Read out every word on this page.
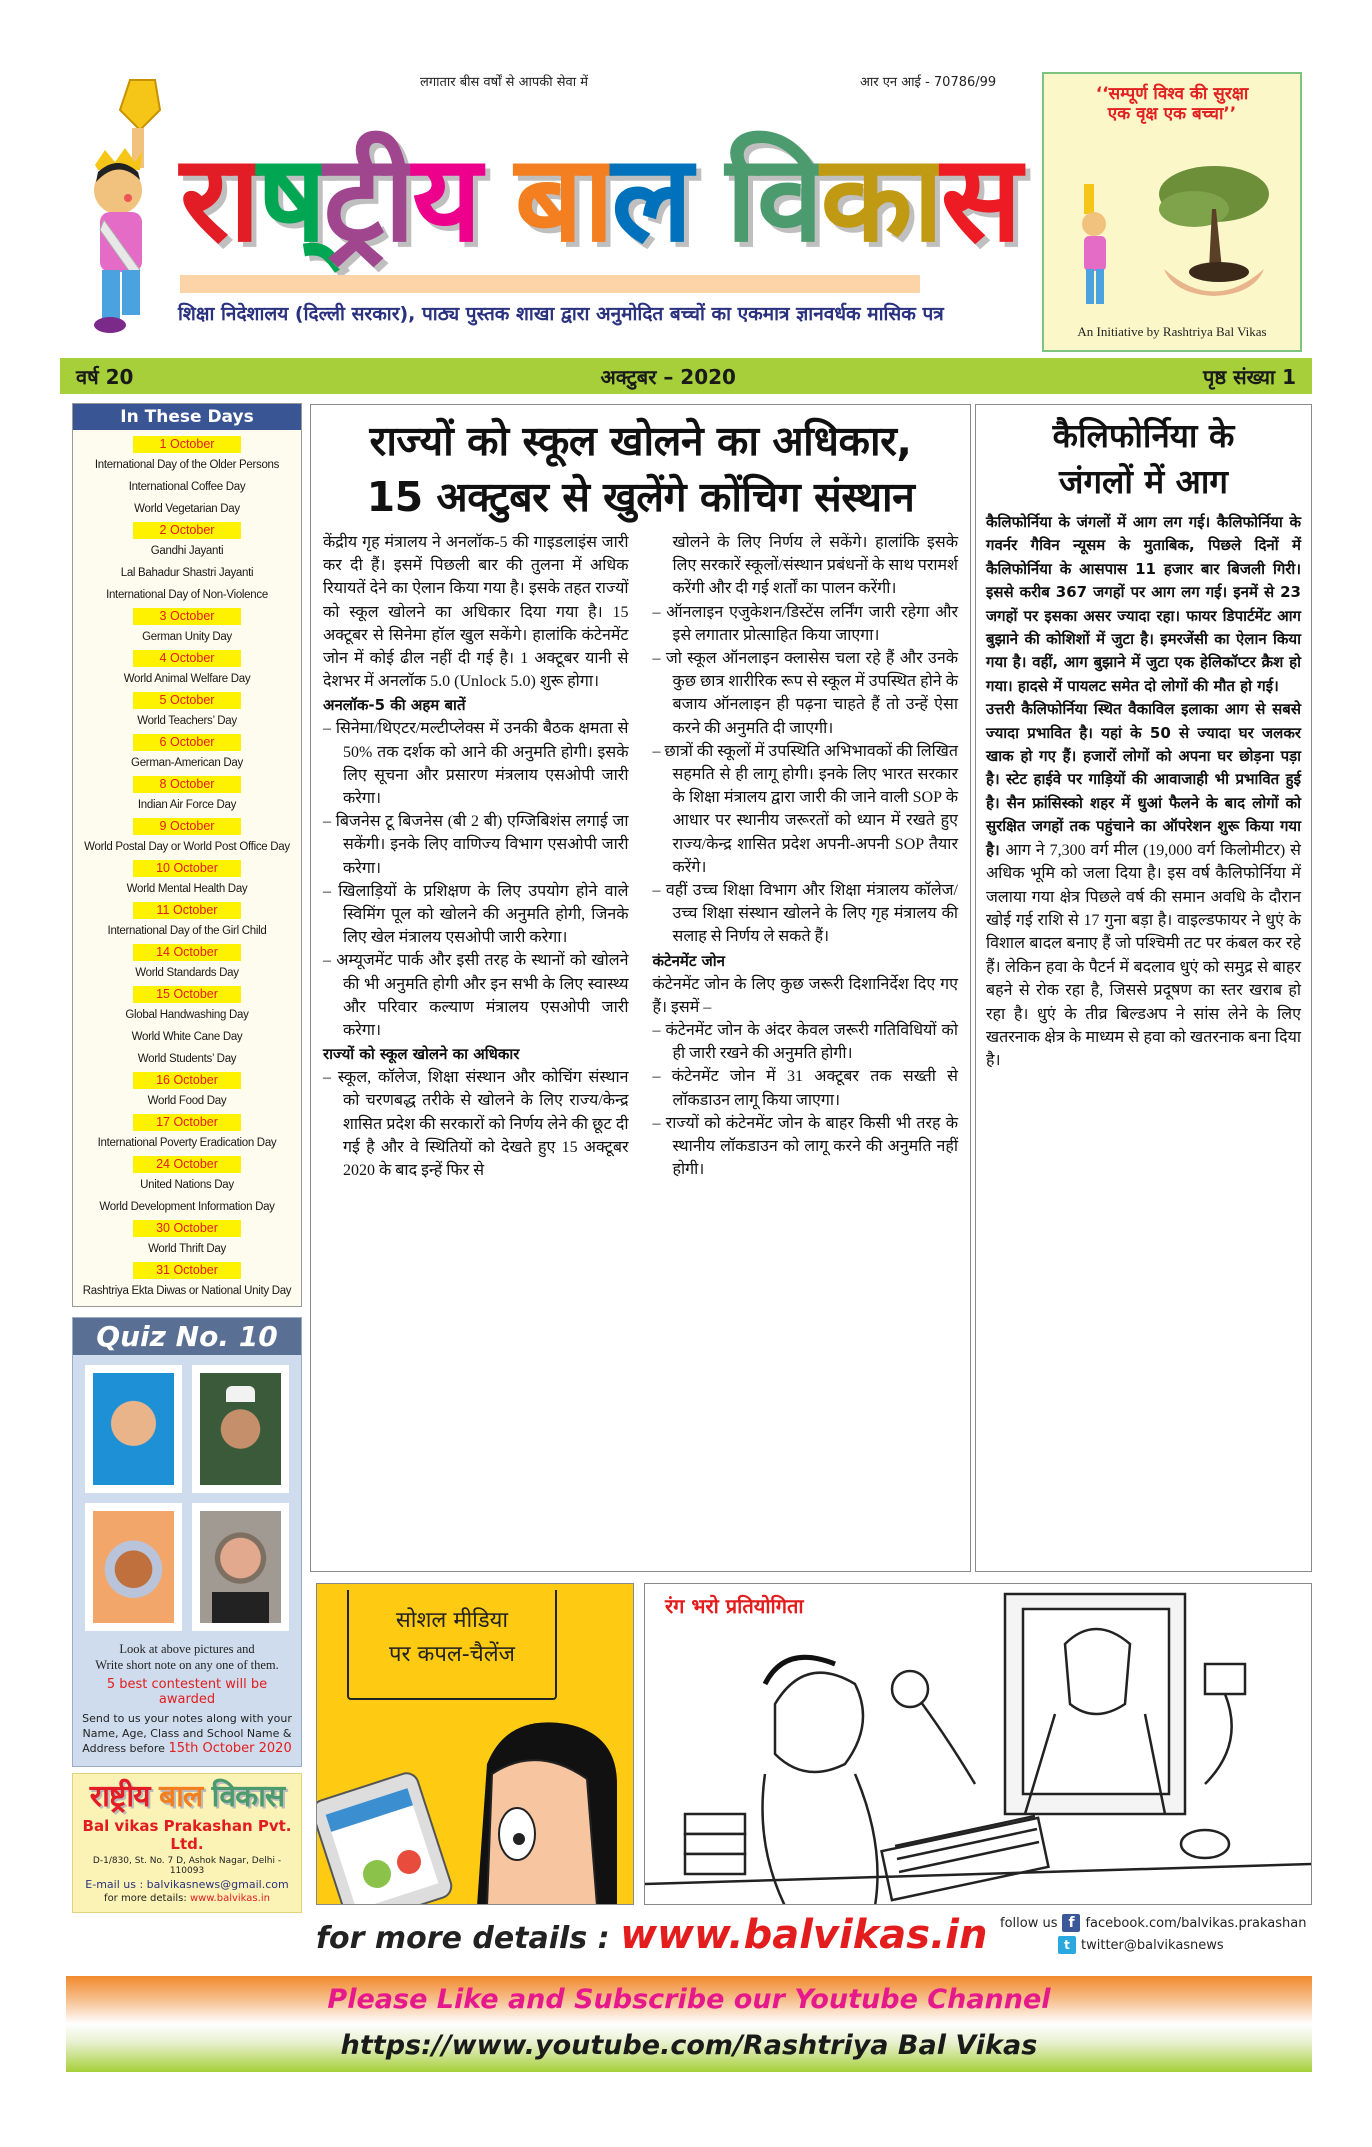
लगातार बीस वर्षों से आपकी सेवा में	आर एन आई - 70786/99
रा ष् ट्री य बा ल वि का स
शिक्षा निदेशालय (दिल्ली सरकार), पाठ्य पुस्तक शाखा द्वारा अनुमोदित बच्चों का एकमात्र ज्ञानवर्धक मासिक पत्र
‘‘सम्पूर्ण विश्व की सुरक्षा
एक वृक्ष एक बच्चा’’
An Initiative by Rashtriya Bal Vikas
वर्ष 20	अक्टुबर – 2020	पृष्ठ संख्या 1
In These Days
1 October
International Day of the Older Persons
International Coffee Day
World Vegetarian Day
2 October
Gandhi Jayanti
Lal Bahadur Shastri Jayanti
International Day of Non-Violence
3 October
German Unity Day
4 October
World Animal Welfare Day
5 October
World Teachers’ Day
6 October
German-American Day
8 October
Indian Air Force Day
9 October
World Postal Day or World Post Office Day
10 October
World Mental Health Day
11 October
International Day of the Girl Child
14 October
World Standards Day
15 October
Global Handwashing Day
World White Cane Day
World Students’ Day
16 October
World Food Day
17 October
International Poverty Eradication Day
24 October
United Nations Day
World Development Information Day
30 October
World Thrift Day
31 October
Rashtriya Ekta Diwas or National Unity Day
Quiz No. 10
Look at above pictures and
Write short note on any one of them.
5 best contestent will be awarded
Send to us your notes along with your
Name, Age, Class and School Name &
Address before 15th October 2020
राष्ट्रीय बाल विकास
Bal vikas Prakashan Pvt. Ltd.
D-1/830, St. No. 7 D, Ashok Nagar, Delhi - 110093
E-mail us : balvikasnews@gmail.com
for more details: www.balvikas.in
राज्यों को स्कूल खोलने का अधिकार,
15 अक्टुबर से खुलेंगे कोंचिग संस्थान

केंद्रीय गृह मंत्रालय ने अनलॉक-5 की गाइडलाइंस जारी कर दी हैं। इसमें पिछली बार की तुलना में अधिक रियायतें देने का ऐलान किया गया है। इसके तहत राज्यों को स्कूल खोलने का अधिकार दिया गया है। 15 अक्टूबर से सिनेमा हॉल खुल सकेंगे। हालांकि कंटेनमेंट जोन में कोई ढील नहीं दी गई है। 1 अक्टूबर यानी से देशभर में अनलॉक 5.0 (Unlock 5.0) शुरू होगा।

अनलॉक-5 की अहम बातें

– सिनेमा/थिएटर/मल्टीप्लेक्स में उनकी बैठक क्षमता से 50% तक दर्शक को आने की अनुमति होगी। इसके लिए सूचना और प्रसारण मंत्रलाय एसओपी जारी करेगा।

– बिजनेस टू बिजनेस (बी 2 बी) एग्जिबिशंस लगाई जा सकेंगी। इनके लिए वाणिज्य विभाग एसओपी जारी करेगा।

– खिलाड़ियों के प्रशिक्षण के लिए उपयोग होने वाले स्विमिंग पूल को खोलने की अनुमति होगी, जिनके लिए खेल मंत्रालय एसओपी जारी करेगा।

– अम्यूजमेंट पार्क और इसी तरह के स्थानों को खोलने की भी अनुमति होगी और इन सभी के लिए स्वास्थ्य और परिवार कल्याण मंत्रालय एसओपी जारी करेगा।

राज्यों को स्कूल खोलने का अधिकार

– स्कूल, कॉलेज, शिक्षा संस्थान और कोचिंग संस्थान को चरणबद्ध तरीके से खोलने के लिए राज्य/केन्द्र शासित प्रदेश की सरकारों को निर्णय लेने की छूट दी गई है और वे स्थितियों को देखते हुए 15 अक्टूबर 2020 के बाद इन्हें फिर से

खोलने के लिए निर्णय ले सकेंगे। हालांकि इसके लिए सरकारें स्कूलों/संस्थान प्रबंधनों के साथ परामर्श करेंगी और दी गई शर्तों का पालन करेंगी।

– ऑनलाइन एजुकेशन/डिस्टेंस लर्निंग जारी रहेगा और इसे लगातार प्रोत्साहित किया जाएगा।

– जो स्कूल ऑनलाइन क्लासेस चला रहे हैं और उनके कुछ छात्र शारीरिक रूप से स्कूल में उपस्थित होने के बजाय ऑनलाइन ही पढ़ना चाहते हैं तो उन्हें ऐसा करने की अनुमति दी जाएगी।

– छात्रों की स्कूलों में उपस्थिति अभिभावकों की लिखित सहमति से ही लागू होगी। इनके लिए भारत सरकार के शिक्षा मंत्रालय द्वारा जारी की जाने वाली SOP के आधार पर स्थानीय जरूरतों को ध्यान में रखते हुए राज्य/केन्द्र शासित प्रदेश अपनी-अपनी SOP तैयार करेंगे।

– वहीं उच्च शिक्षा विभाग और शिक्षा मंत्रालय कॉलेज/उच्च शिक्षा संस्थान खोलने के लिए गृह मंत्रालय की सलाह से निर्णय ले सकते हैं।

कंटेनमेंट जोन

कंटेनमेंट जोन के लिए कुछ जरूरी दिशानिर्देश दिए गए हैं। इसमें –

– कंटेनमेंट जोन के अंदर केवल जरूरी गतिविधियों को ही जारी रखने की अनुमति होगी।

– कंटेनमेंट जोन में 31 अक्टूबर तक सख्ती से लॉकडाउन लागू किया जाएगा।

– राज्यों को कंटेनमेंट जोन के बाहर किसी भी तरह के स्थानीय लॉकडाउन को लागू करने की अनुमति नहीं होगी।

कैलिफोर्निया के
जंगलों में आग

कैलिफोर्निया के जंगलों में आग लग गई। कैलिफोर्निया के गवर्नर गैविन न्यूसम के मुताबिक, पिछले दिनों में कैलिफोर्निया के आसपास 11 हजार बार बिजली गिरी। इससे करीब 367 जगहों पर आग लग गई। इनमें से 23 जगहों पर इसका असर ज्यादा रहा। फायर डिपार्टमेंट आग बुझाने की कोशिशों में जुटा है। इमरजेंसी का ऐलान किया गया है। वहीं, आग बुझाने में जुटा एक हेलिकॉप्टर क्रैश हो गया। हादसे में पायलट समेत दो लोगों की मौत हो गई।

उत्तरी कैलिफोर्निया स्थित वैकाविल इलाका आग से सबसे ज्यादा प्रभावित है। यहां के 50 से ज्यादा घर जलकर खाक हो गए हैं। हजारों लोगों को अपना घर छोड़ना पड़ा है। स्टेट हाईवे पर गाड़ियों की आवाजाही भी प्रभावित हुई है। सैन फ्रांसिस्को शहर में धुआं फैलने के बाद लोगों को सुरक्षित जगहों तक पहुंचाने का ऑपरेशन शुरू किया गया है। आग ने 7,300 वर्ग मील (19,000 वर्ग किलोमीटर) से अधिक भूमि को जला दिया है। इस वर्ष कैलिफोर्निया में जलाया गया क्षेत्र पिछले वर्ष की समान अवधि के दौरान खोई गई राशि से 17 गुना बड़ा है। वाइल्डफायर ने धुएं के विशाल बादल बनाए हैं जो पश्चिमी तट पर कंबल कर रहे हैं। लेकिन हवा के पैटर्न में बदलाव धुएं को समुद्र से बाहर बहने से रोक रहा है, जिससे प्रदूषण का स्तर खराब हो रहा है। धुएं के तीव्र बिल्डअप ने सांस लेने के लिए खतरनाक क्षेत्र के माध्यम से हवा को खतरनाक बना दिया है।
सोशल मीडिया
पर कपल-चैलेंज
रंग भरो प्रतियोगिता
for more details : www.balvikas.in follow us f facebook.com/balvikas.prakashan
t twitter@balvikasnews
Please Like and Subscribe our Youtube Channel
https://www.youtube.com/Rashtriya Bal Vikas
